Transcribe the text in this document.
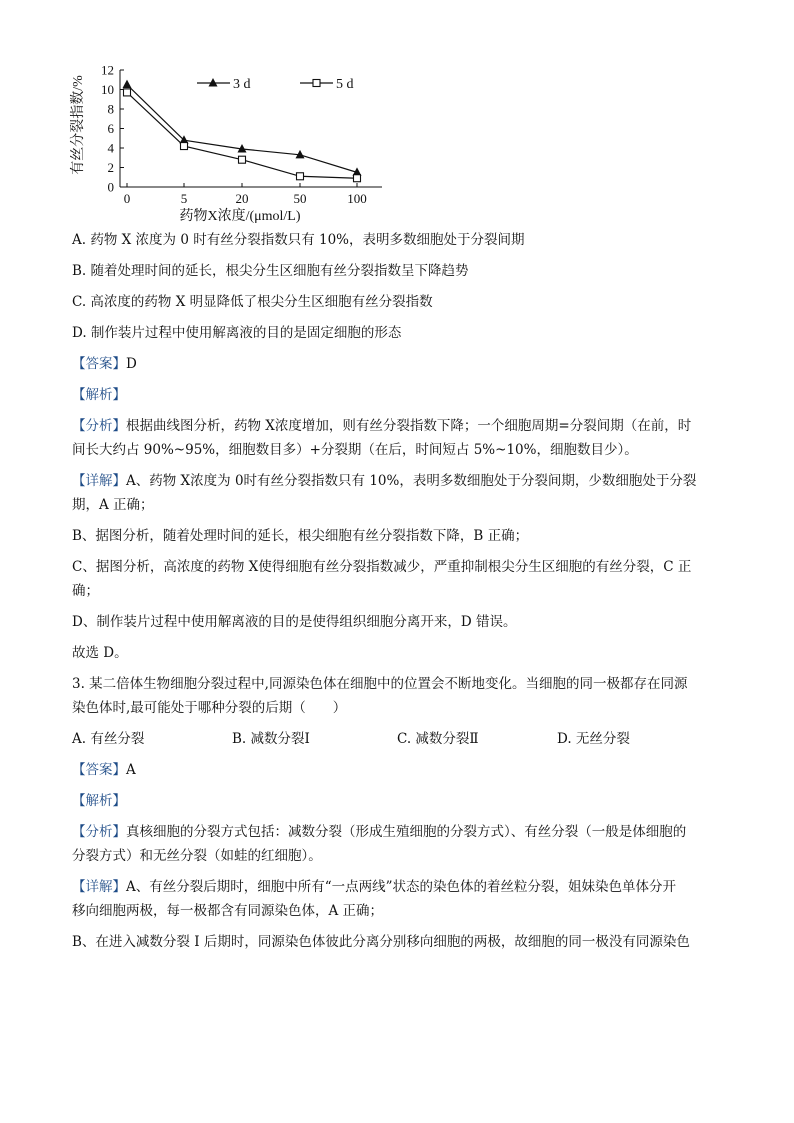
0
2
4
6
8
10
12
0	5	20	50	100
3 d	5 d
有丝分裂指数/%
药物X浓度/(μmol/L)

A. 药物 X 浓度为 0 时有丝分裂指数只有 10%，表明多数细胞处于分裂间期

B. 随着处理时间的延长，根尖分生区细胞有丝分裂指数呈下降趋势

C. 高浓度的药物 X 明显降低了根尖分生区细胞有丝分裂指数

D. 制作装片过程中使用解离液的目的是固定细胞的形态

【答案】D

【解析】

【分析】根据曲线图分析，药物 X浓度增加，则有丝分裂指数下降；一个细胞周期=分裂间期（在前，时

间长大约占 90%~95%，细胞数目多）+分裂期（在后，时间短占 5%~10%，细胞数目少）。

【详解】A、药物 X浓度为 0时有丝分裂指数只有 10%，表明多数细胞处于分裂间期，少数细胞处于分裂

期，A 正确；

B、据图分析，随着处理时间的延长，根尖细胞有丝分裂指数下降，B 正确；

C、据图分析，高浓度的药物 X使得细胞有丝分裂指数减少，严重抑制根尖分生区细胞的有丝分裂，C 正

确；

D、制作装片过程中使用解离液的目的是使得组织细胞分离开来，D 错误。

故选 D。

3. 某二倍体生物细胞分裂过程中,同源染色体在细胞中的位置会不断地变化。当细胞的同一极都存在同源

染色体时,最可能处于哪种分裂的后期（　　）

A. 有丝分裂	B. 减数分裂Ⅰ	C. 减数分裂Ⅱ	D. 无丝分裂

【答案】A

【解析】

【分析】真核细胞的分裂方式包括：减数分裂（形成生殖细胞的分裂方式）、有丝分裂（一般是体细胞的

分裂方式）和无丝分裂（如蛙的红细胞）。

【详解】A、有丝分裂后期时，细胞中所有“一点两线”状态的染色体的着丝粒分裂，姐妹染色单体分开

移向细胞两极，每一极都含有同源染色体，A 正确；

B、在进入减数分裂 I 后期时，同源染色体彼此分离分别移向细胞的两极，故细胞的同一极没有同源染色
